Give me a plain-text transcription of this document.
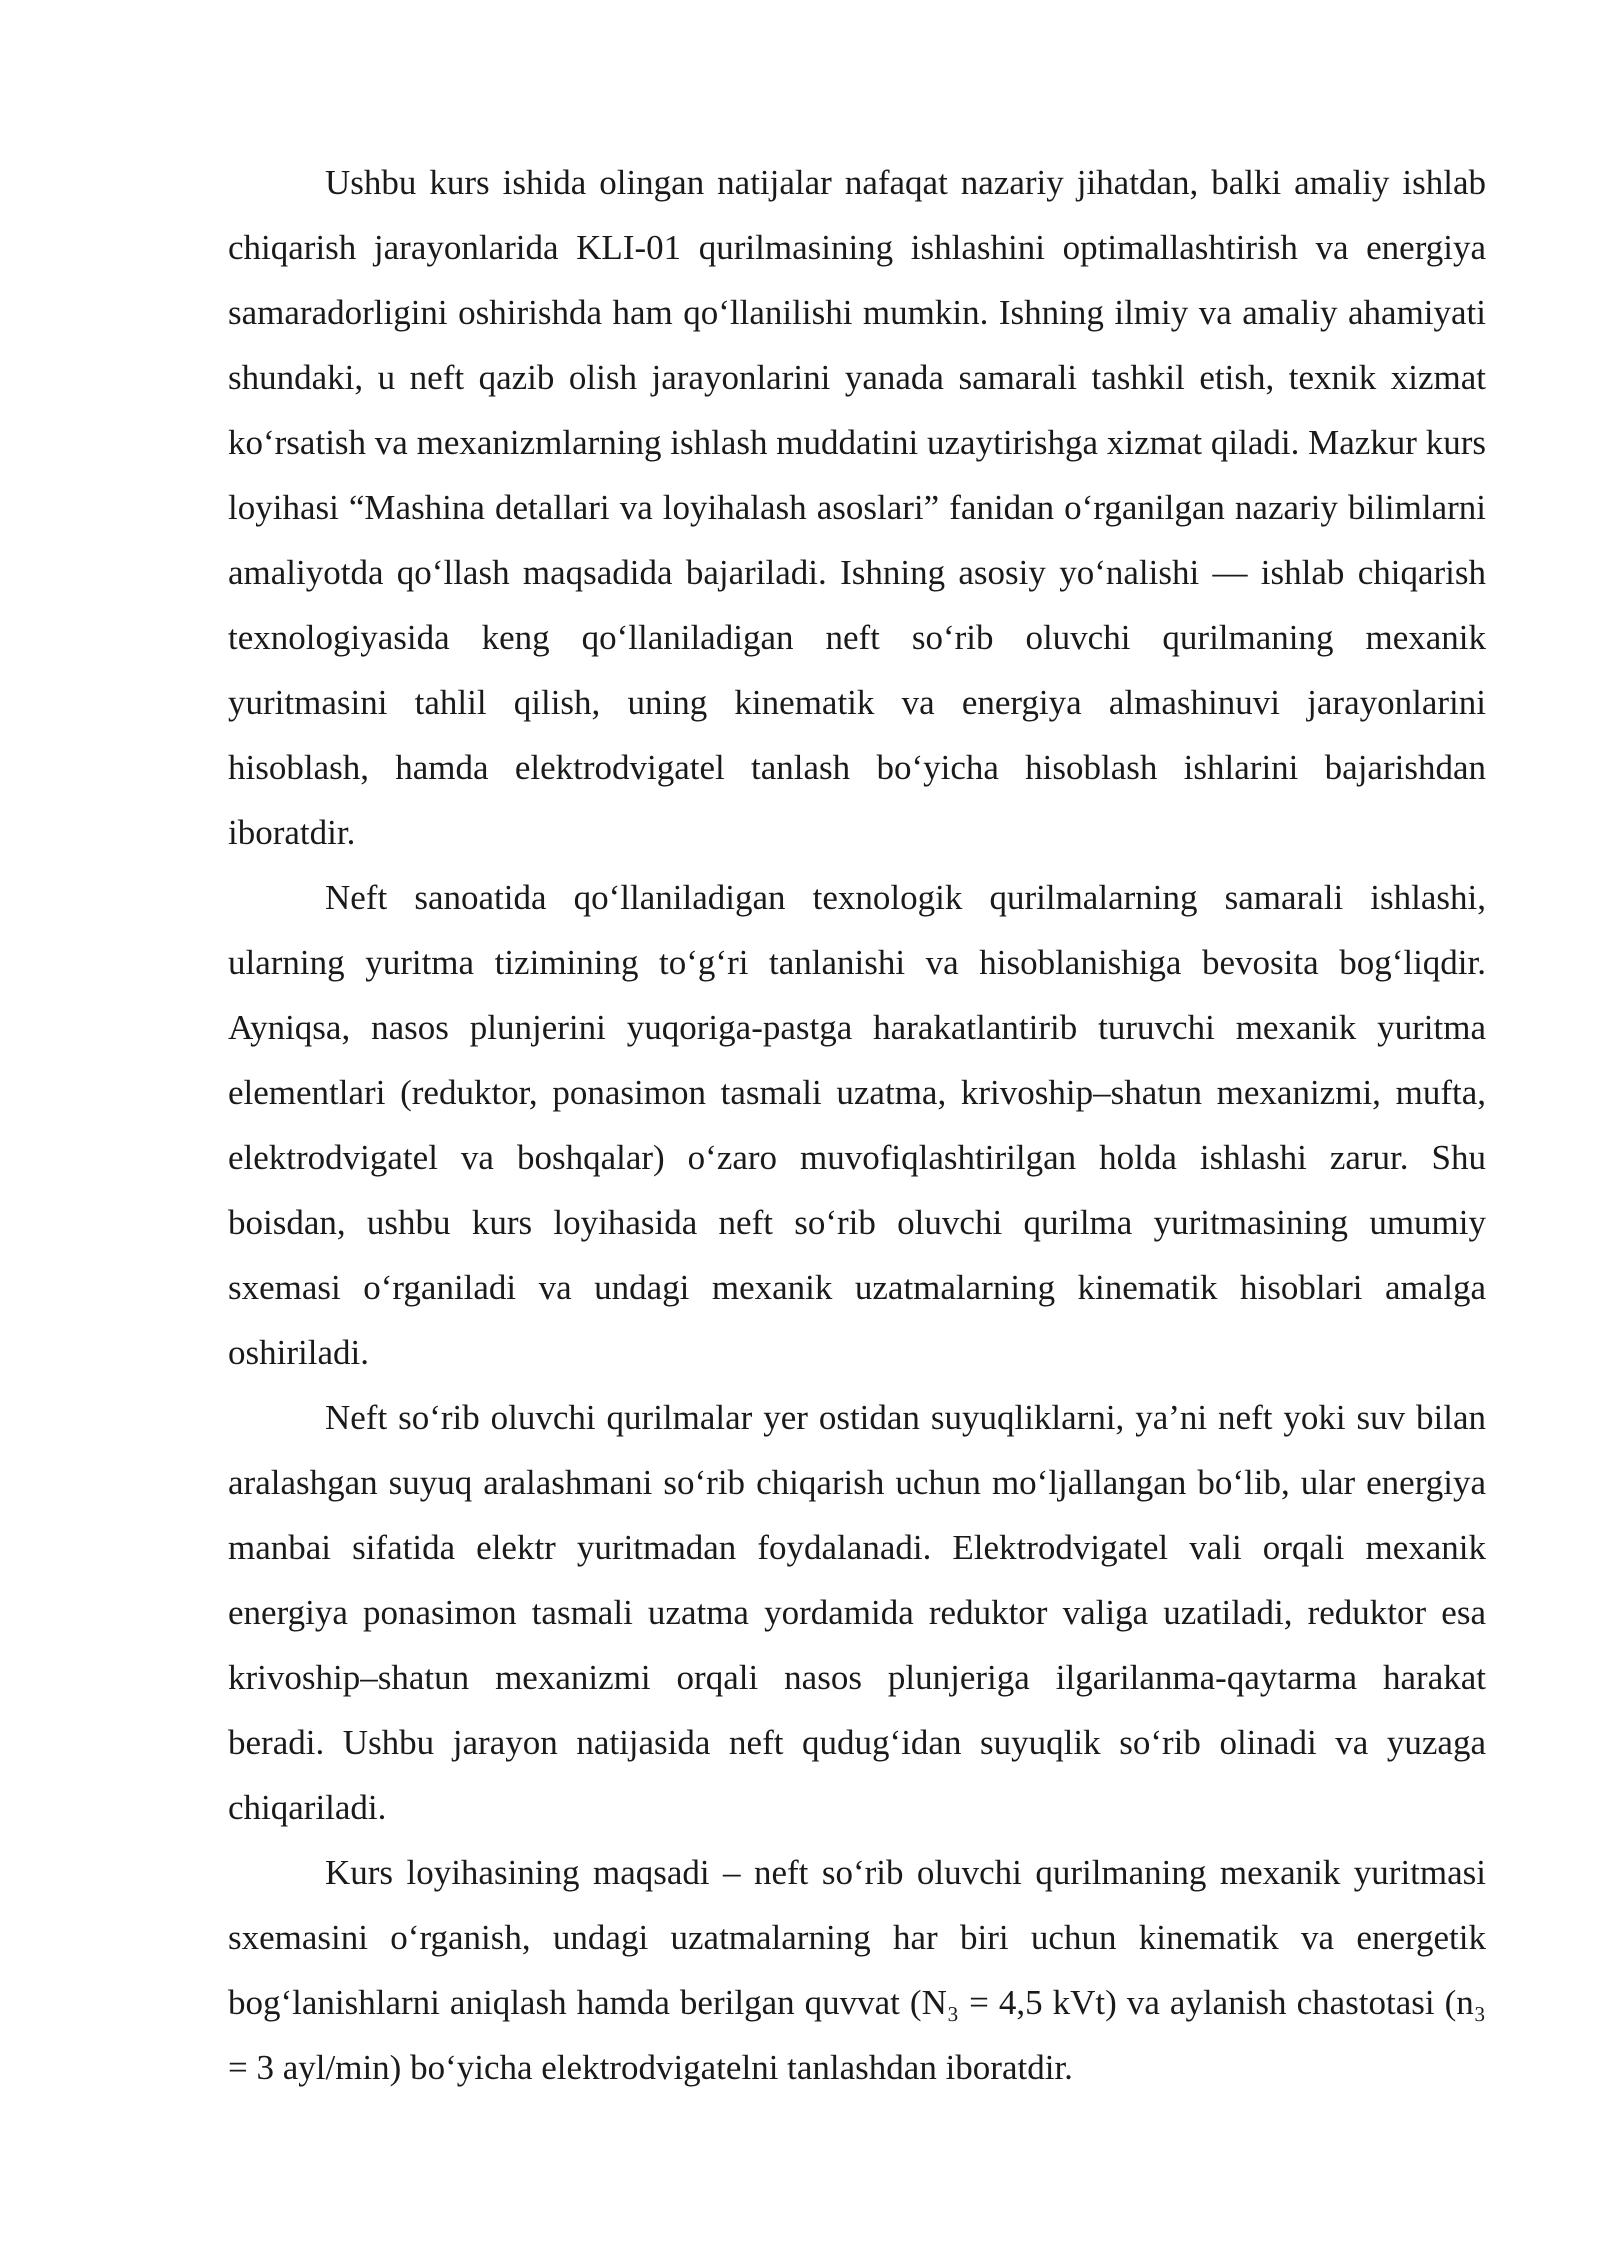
Ushbu kurs ishida olingan natijalar nafaqat nazariy jihatdan, balki amaliy ishlab chiqarish jarayonlarida KLI-01 qurilmasining ishlashini optimallashtirish va energiya samaradorligini oshirishda ham qo‘llanilishi mumkin. Ishning ilmiy va amaliy ahamiyati shundaki, u neft qazib olish jarayonlarini yanada samarali tashkil etish, texnik xizmat ko‘rsatish va mexanizmlarning ishlash muddatini uzaytirishga xizmat qiladi. Mazkur kurs loyihasi “Mashina detallari va loyihalash asoslari” fanidan o‘rganilgan nazariy bilimlarni amaliyotda qo‘llash maqsadida bajariladi. Ishning asosiy yo‘nalishi — ishlab chiqarish texnologiyasida keng qo‘llaniladigan neft so‘rib oluvchi qurilmaning mexanik yuritmasini tahlil qilish, uning kinematik va energiya almashinuvi jarayonlarini hisoblash, hamda elektrodvigatel tanlash bo‘yicha hisoblash ishlarini bajarishdan iboratdir.

Neft sanoatida qo‘llaniladigan texnologik qurilmalarning samarali ishlashi, ularning yuritma tizimining to‘g‘ri tanlanishi va hisoblanishiga bevosita bog‘liqdir. Ayniqsa, nasos plunjerini yuqoriga-pastga harakatlantirib turuvchi mexanik yuritma elementlari (reduktor, ponasimon tasmali uzatma, krivoship–shatun mexanizmi, mufta, elektrodvigatel va boshqalar) o‘zaro muvofiqlashtirilgan holda ishlashi zarur. Shu boisdan, ushbu kurs loyihasida neft so‘rib oluvchi qurilma yuritmasining umumiy sxemasi o‘rganiladi va undagi mexanik uzatmalarning kinematik hisoblari amalga oshiriladi.

Neft so‘rib oluvchi qurilmalar yer ostidan suyuqliklarni, ya’ni neft yoki suv bilan aralashgan suyuq aralashmani so‘rib chiqarish uchun mo‘ljallangan bo‘lib, ular energiya manbai sifatida elektr yuritmadan foydalanadi. Elektrodvigatel vali orqali mexanik energiya ponasimon tasmali uzatma yordamida reduktor valiga uzatiladi, reduktor esa krivoship–shatun mexanizmi orqali nasos plunjeriga ilgarilanma-qaytarma harakat beradi. Ushbu jarayon natijasida neft qudug‘idan suyuqlik so‘rib olinadi va yuzaga chiqariladi.

Kurs loyihasining maqsadi – neft so‘rib oluvchi qurilmaning mexanik yuritmasi sxemasini o‘rganish, undagi uzatmalarning har biri uchun kinematik va energetik bog‘lanishlarni aniqlash hamda berilgan quvvat (N₃ = 4,5 kVt) va aylanish chastotasi (n₃ = 3 ayl/min) bo‘yicha elektrodvigatelni tanlashdan iboratdir.
